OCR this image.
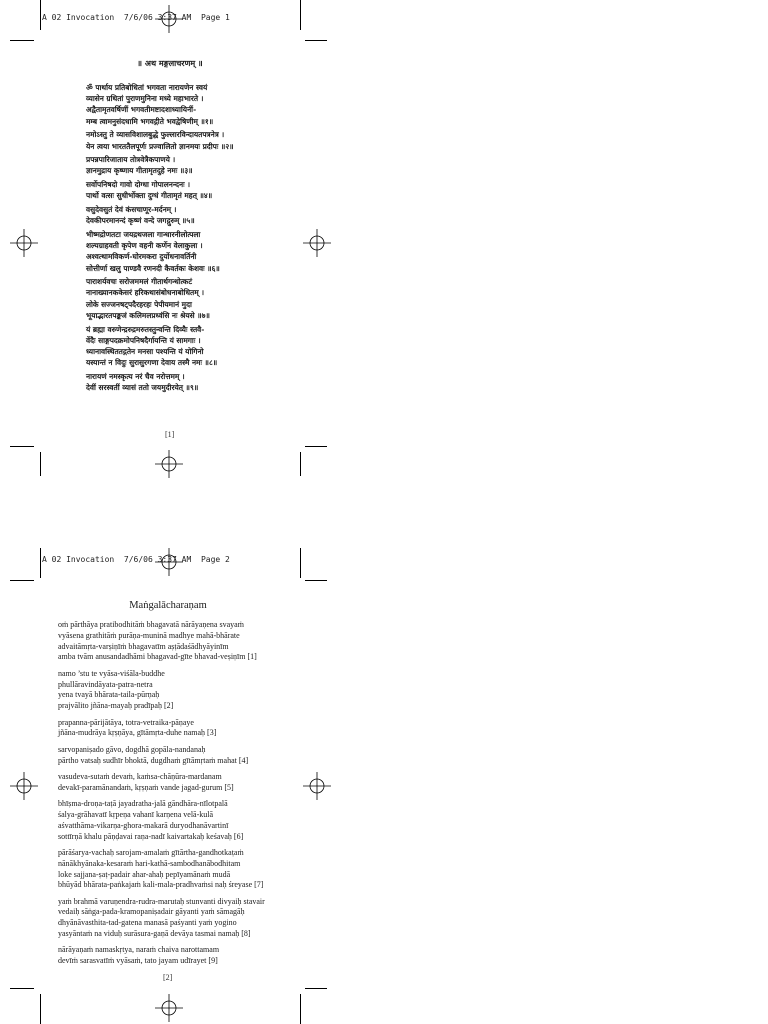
A 02 Invocation  7/6/06 3:37 AM  Page 1
॥ अथ मङ्गलाचरणम् ॥
ॐ पार्थाय प्रतिबोधितां भगवता नारायणेन स्वयं
व्यासेन ग्रथितां पुराणमुनिना मध्ये महाभारते ।
अद्वैतामृतवर्षिणीं भगवतीमष्टादशाध्यायिनीं-
मम्ब त्वामनुसंदधामि भगवद्गीते भवद्वेषिणीम् ॥१॥
नमोऽस्तु ते व्यासविशालबुद्धे फुल्लारविन्दायतपत्रनेत्र ।
येन त्वया भारततैलपूर्णः प्रज्वालितो ज्ञानमयः प्रदीपः ॥२॥
प्रपन्नपारिजाताय तोत्रवेत्रैकपाणये ।
ज्ञानमुद्राय कृष्णाय गीतामृतदुहे नमः ॥३॥
सर्वोपनिषदो गावो दोग्धा गोपालनन्दनः ।
पार्थो वत्सः सुधीर्भोक्ता दुग्धं गीतामृतं महत् ॥४॥
वसुदेवसुतं देवं कंसचाणूर-मर्दनम् ।
देवकीपरमानन्दं कृष्णं वन्दे जगद्गुरुम् ॥५॥
भीष्मद्रोणतटा जयद्रथजला गान्धारनीलोत्पला
शल्यग्राहवती कृपेण वहनी कर्णेन वेलाकुला ।
अश्वत्थामविकर्ण-घोरमकरा दुर्योधनावर्तिनी
सोत्तीर्णा खलु पाण्डवै रणनदी कैवर्तकः केशवः ॥६॥
पाराशर्यवचः सरोजममलं गीतार्थगन्धोत्कटं
नानाख्यानककेसरं हरिकथासंबोधनाबोधितम् ।
लोके सज्जनषट्पदैरहरहः पेपीयमानं मुदा
भूयाद्भारतपङ्कजं कलिमलप्रध्वंसि नः श्रेयसे ॥७॥
यं ब्रह्मा वरुणेन्द्ररुद्रमरुतस्तुन्वन्ति दिव्यैः स्तवै-
र्वेदैः साङ्गपदक्रमोपनिषदैर्गायन्ति यं सामगाः ।
ध्यानावस्थिततद्गतेन मनसा पश्यन्ति यं योगिनो
यस्यान्तं न विदुः सुरासुरगणा देवाय तस्मै नमः ॥८॥
नारायणं नमस्कृत्य नरं चैव नरोत्तमम् ।
देवीं सरस्वतीं व्यासं ततो जयमुदीरयेत् ॥९॥
[1]
A 02 Invocation  7/6/06 3:37 AM  Page 2
Maṅgalācharaṇam
oṁ pārthāya pratibodhitāṁ bhagavatā nārāyaṇena svayaṁ
vyāsena grathitāṁ purāṇa-muninā madhye mahā-bhārate
advaitāmṛta-varṣiṇīṁ bhagavatīm aṣṭādaśādhyāyinīm
amba tvām anusandadhāmi bhagavad-gīte bhavad-veṣiṇīm [1]
namo ’stu te vyāsa-viśāla-buddhe
phullāravindāyata-patra-netra
yena tvayā bhārata-taila-pūrṇaḥ
prajvālito jñāna-mayaḥ pradīpaḥ [2]
prapanna-pārijātāya, totra-vetraika-pāṇaye
jñāna-mudrāya kṛṣṇāya, gītāmṛta-duhe namaḥ [3]
sarvopaniṣado gāvo, dogdhā gopāla-nandanaḥ
pārtho vatsaḥ sudhīr bhoktā, dugdhaṁ gītāmṛtaṁ mahat [4]
vasudeva-sutaṁ devaṁ, kaṁsa-chāṇūra-mardanam
devakī-paramānandaṁ, kṛṣṇaṁ vande jagad-gurum [5]
bhīṣma-droṇa-taṭā jayadratha-jalā gāndhāra-nīlotpalā
śalya-grāhavatī kṛpeṇa vahanī karṇena velā-kulā
aśvatthāma-vikarṇa-ghora-makarā duryodhanāvartinī
sottīrṇā khalu pāṇḍavai raṇa-nadī kaivartakaḥ keśavaḥ [6]
pārāśarya-vachaḥ sarojam-amalaṁ gītārtha-gandhotkaṭaṁ
nānākhyānaka-kesaraṁ hari-kathā-sambodhanābodhitam
loke sajjana-ṣaṭ-padair ahar-ahaḥ pepīyamānaṁ mudā
bhūyād bhārata-paṅkajaṁ kali-mala-pradhvaṁsi naḥ śreyase [7]
yaṁ brahmā varuṇendra-rudra-marutaḥ stunvanti divyaiḥ stavair
vedaiḥ sāṅga-pada-kramopaniṣadair gāyanti yaṁ sāmagāḥ
dhyānāvasthita-tad-gatena manasā paśyanti yaṁ yogino
yasyāntaṁ na viduḥ surāsura-gaṇā devāya tasmai namaḥ [8]
nārāyaṇaṁ namaskṛtya, naraṁ chaiva narottamam
devīṁ sarasvatīṁ vyāsaṁ, tato jayam udīrayet [9]
[2]
